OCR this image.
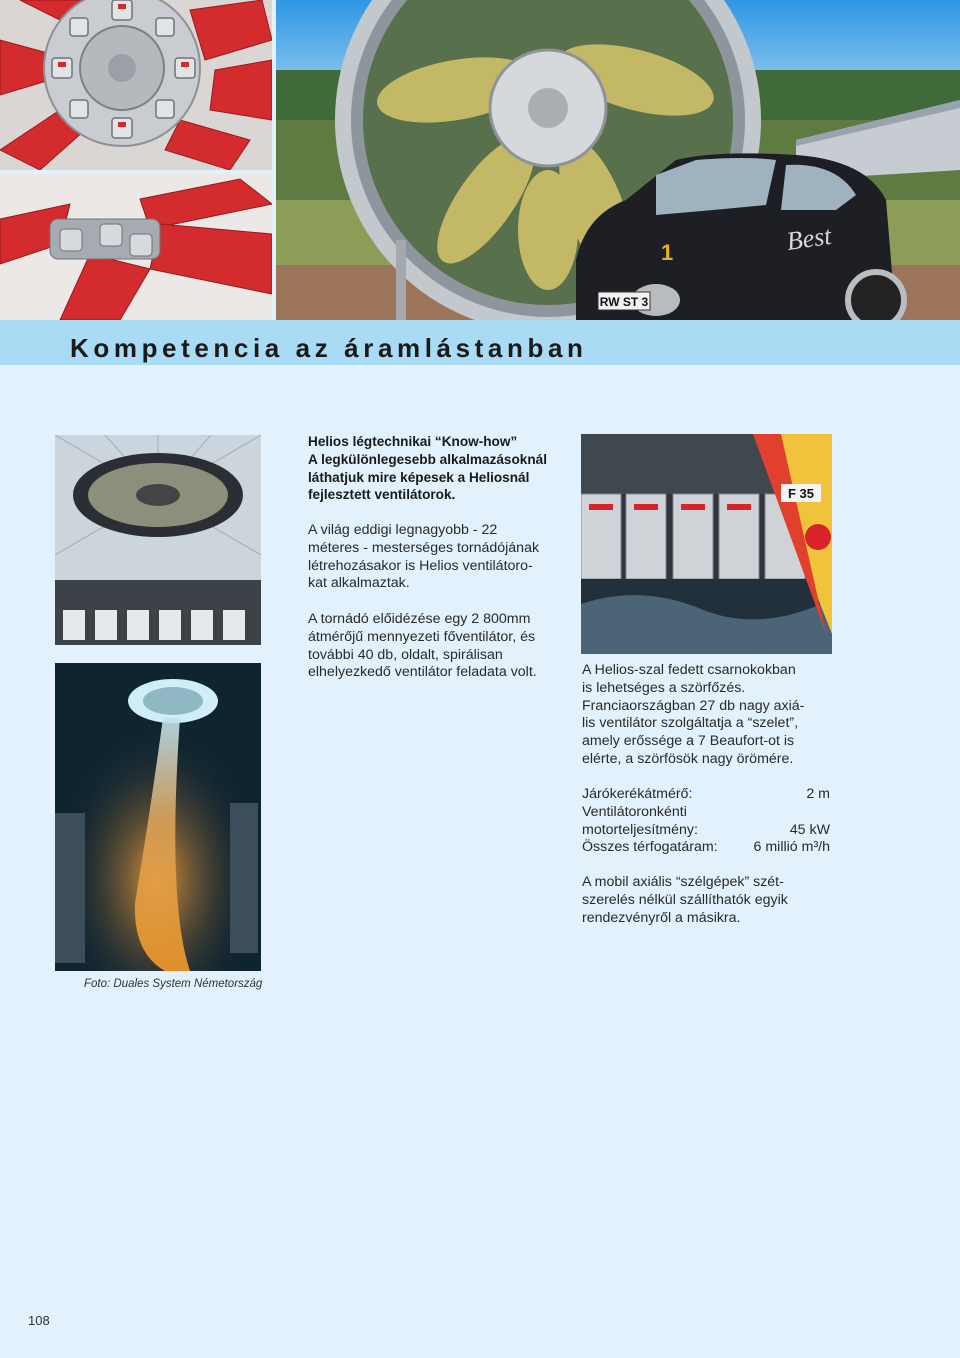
RW ST 3
Best
1
Kompetencia az áramlástanban
Foto: Duales System Németország
F 35
Helios légtechnikai “Know-how”
A legkülönlegesebb alkalmazásoknál
láthatjuk mire képesek a Heliosnál
fejlesztett ventilátorok.
A világ eddigi legnagyobb - 22
méteres - mesterséges tornádójának
létrehozásakor is Helios ventilátoro-
kat alkalmaztak.
A tornádó előidézése egy 2 800mm
átmérőjű mennyezeti főventilátor, és
további 40 db, oldalt, spirálisan
elhelyezkedő ventilátor feladata volt.	A Helios-szal fedett csarnokokban
is lehetséges a szörfőzés.
Franciaországban 27 db nagy axiá-
lis ventilátor szolgáltatja a “szelet”,
amely erőssége a 7 Beaufort-ot is
elérte, a szörfösök nagy örömére.
Járókerékátmérő:	2 m
Ventilátoronkénti
motorteljesítmény:	45 kW
Összes térfogatáram:	6 millió m³/h
A mobil axiális “szélgépek” szét-
szerelés nélkül szállíthatók egyik
rendezvényről a másikra.
108
